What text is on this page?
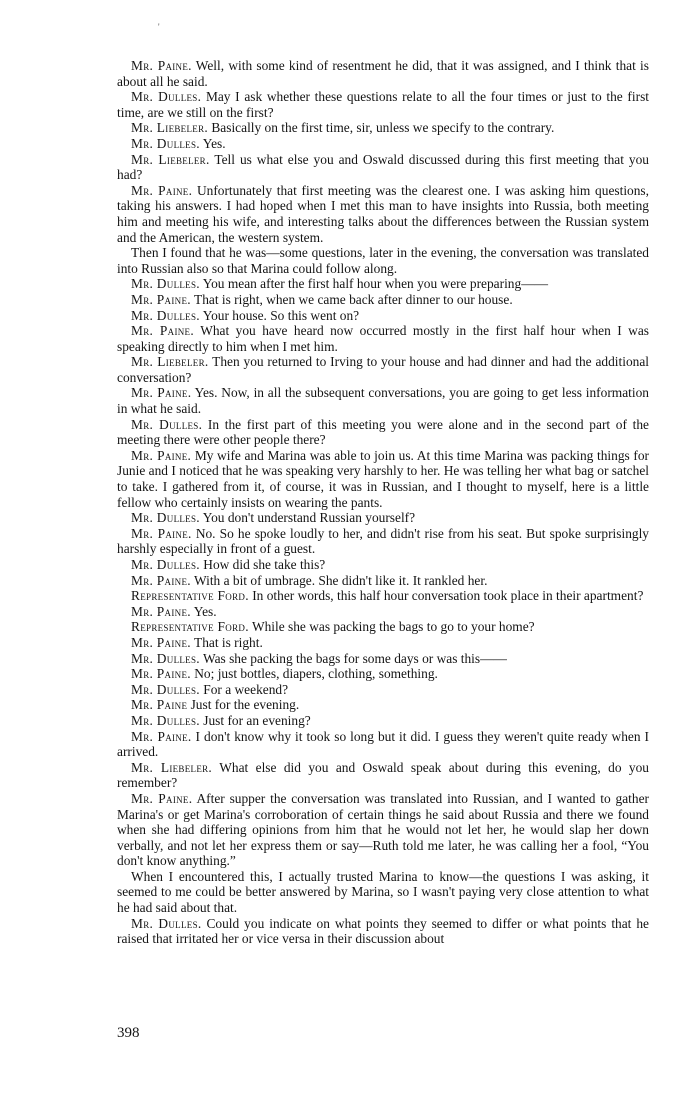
'

Mr. Paine. Well, with some kind of resentment he did, that it was assigned, and I think that is about all he said.

Mr. Dulles. May I ask whether these questions relate to all the four times or just to the first time, are we still on the first?

Mr. Liebeler. Basically on the first time, sir, unless we specify to the contrary.

Mr. Dulles. Yes.

Mr. Liebeler. Tell us what else you and Oswald discussed during this first meeting that you had?

Mr. Paine. Unfortunately that first meeting was the clearest one. I was asking him questions, taking his answers. I had hoped when I met this man to have insights into Russia, both meeting him and meeting his wife, and interesting talks about the differences between the Russian system and the American, the western system.

Then I found that he was—some questions, later in the evening, the conversation was translated into Russian also so that Marina could follow along.

Mr. Dulles. You mean after the first half hour when you were preparing——

Mr. Paine. That is right, when we came back after dinner to our house.

Mr. Dulles. Your house. So this went on?

Mr. Paine. What you have heard now occurred mostly in the first half hour when I was speaking directly to him when I met him.

Mr. Liebeler. Then you returned to Irving to your house and had dinner and had the additional conversation?

Mr. Paine. Yes. Now, in all the subsequent conversations, you are going to get less information in what he said.

Mr. Dulles. In the first part of this meeting you were alone and in the second part of the meeting there were other people there?

Mr. Paine. My wife and Marina was able to join us. At this time Marina was packing things for Junie and I noticed that he was speaking very harshly to her. He was telling her what bag or satchel to take. I gathered from it, of course, it was in Russian, and I thought to myself, here is a little fellow who certainly insists on wearing the pants.

Mr. Dulles. You don't understand Russian yourself?

Mr. Paine. No. So he spoke loudly to her, and didn't rise from his seat. But spoke surprisingly harshly especially in front of a guest.

Mr. Dulles. How did she take this?

Mr. Paine. With a bit of umbrage. She didn't like it. It rankled her.

Representative Ford. In other words, this half hour conversation took place in their apartment?

Mr. Paine. Yes.

Representative Ford. While she was packing the bags to go to your home?

Mr. Paine. That is right.

Mr. Dulles. Was she packing the bags for some days or was this——

Mr. Paine. No; just bottles, diapers, clothing, something.

Mr. Dulles. For a weekend?

Mr. Paine Just for the evening.

Mr. Dulles. Just for an evening?

Mr. Paine. I don't know why it took so long but it did. I guess they weren't quite ready when I arrived.

Mr. Liebeler. What else did you and Oswald speak about during this evening, do you remember?

Mr. Paine. After supper the conversation was translated into Russian, and I wanted to gather Marina's or get Marina's corroboration of certain things he said about Russia and there we found when she had differing opinions from him that he would not let her, he would slap her down verbally, and not let her express them or say—Ruth told me later, he was calling her a fool, “You don't know anything.”

When I encountered this, I actually trusted Marina to know—the questions I was asking, it seemed to me could be better answered by Marina, so I wasn't paying very close attention to what he had said about that.

Mr. Dulles. Could you indicate on what points they seemed to differ or what points that he raised that irritated her or vice versa in their discussion about

398
